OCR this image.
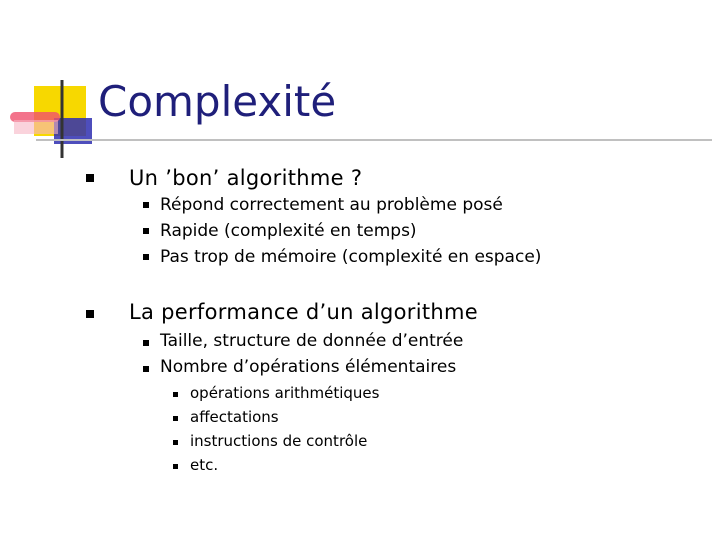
Complexité
Un ’bon’ algorithme ?
Répond correctement au problème posé
Rapide (complexité en temps)
Pas trop de mémoire (complexité en espace)
La performance d’un algorithme
Taille, structure de donnée d’entrée
Nombre d’opérations élémentaires
opérations arithmétiques
affectations
instructions de contrôle
etc.
